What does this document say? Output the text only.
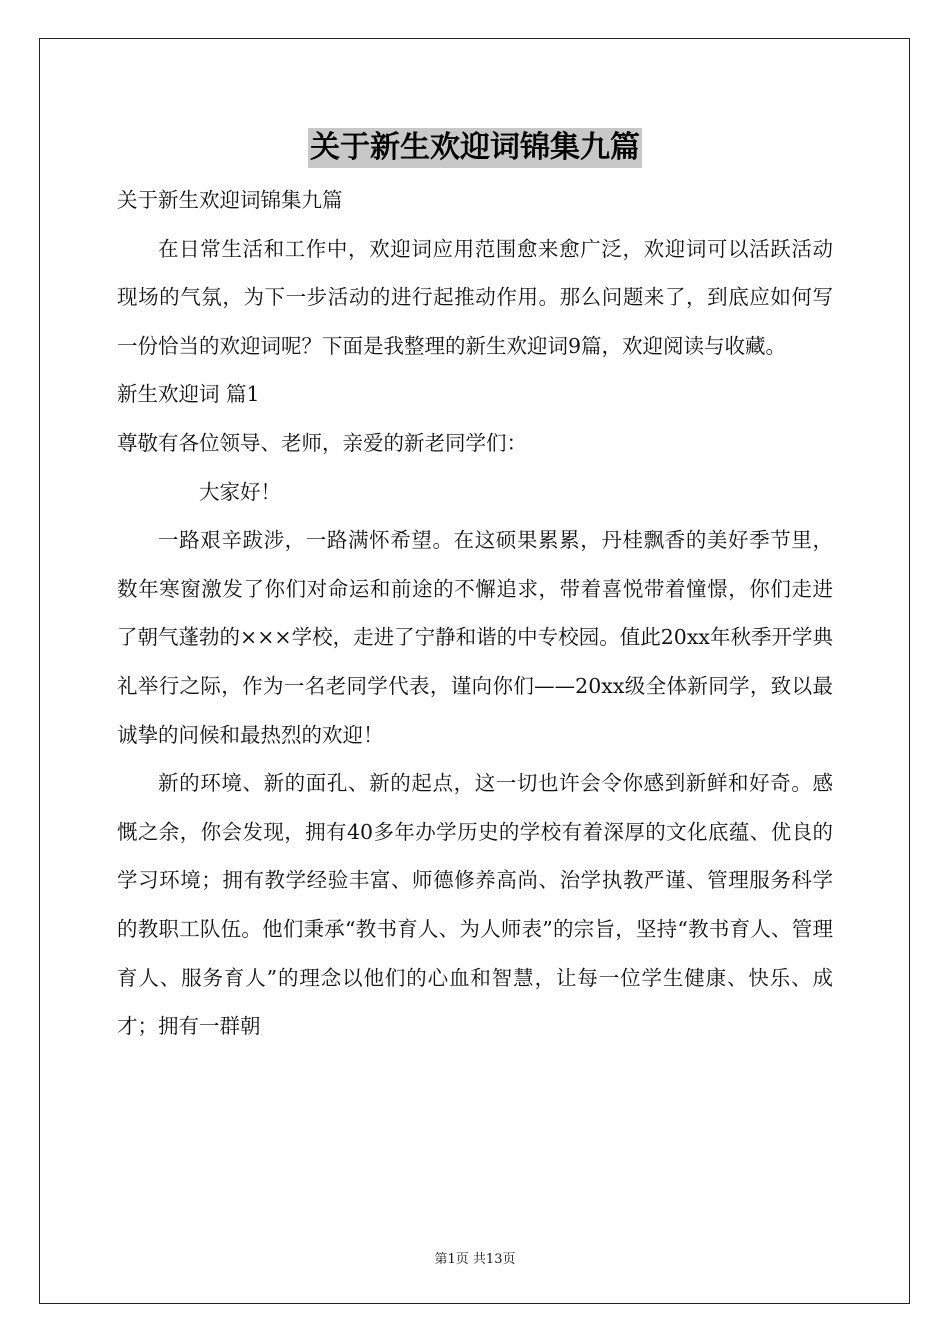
关于新生欢迎词锦集九篇

关于新生欢迎词锦集九篇

在日常生活和工作中，欢迎词应用范围愈来愈广泛，欢迎词可以活跃活动现场的气氛，为下一步活动的进行起推动作用。那么问题来了，到底应如何写一份恰当的欢迎词呢？下面是我整理的新生欢迎词9篇，欢迎阅读与收藏。

新生欢迎词 篇1

尊敬有各位领导、老师，亲爱的新老同学们：

大家好！

一路艰辛跋涉，一路满怀希望。在这硕果累累，丹桂飘香的美好季节里，数年寒窗激发了你们对命运和前途的不懈追求，带着喜悦带着憧憬，你们走进了朝气蓬勃的×××学校，走进了宁静和谐的中专校园。值此20xx年秋季开学典礼举行之际，作为一名老同学代表，谨向你们——20xx级全体新同学，致以最诚挚的问候和最热烈的欢迎！

新的环境、新的面孔、新的起点，这一切也许会令你感到新鲜和好奇。感慨之余，你会发现，拥有40多年办学历史的学校有着深厚的文化底蕴、优良的学习环境；拥有教学经验丰富、师德修养高尚、治学执教严谨、管理服务科学的教职工队伍。他们秉承“教书育人、为人师表”的宗旨，坚持“教书育人、管理育人、服务育人”的理念以他们的心血和智慧，让每一位学生健康、快乐、成才；拥有一群朝

第1页 共13页
